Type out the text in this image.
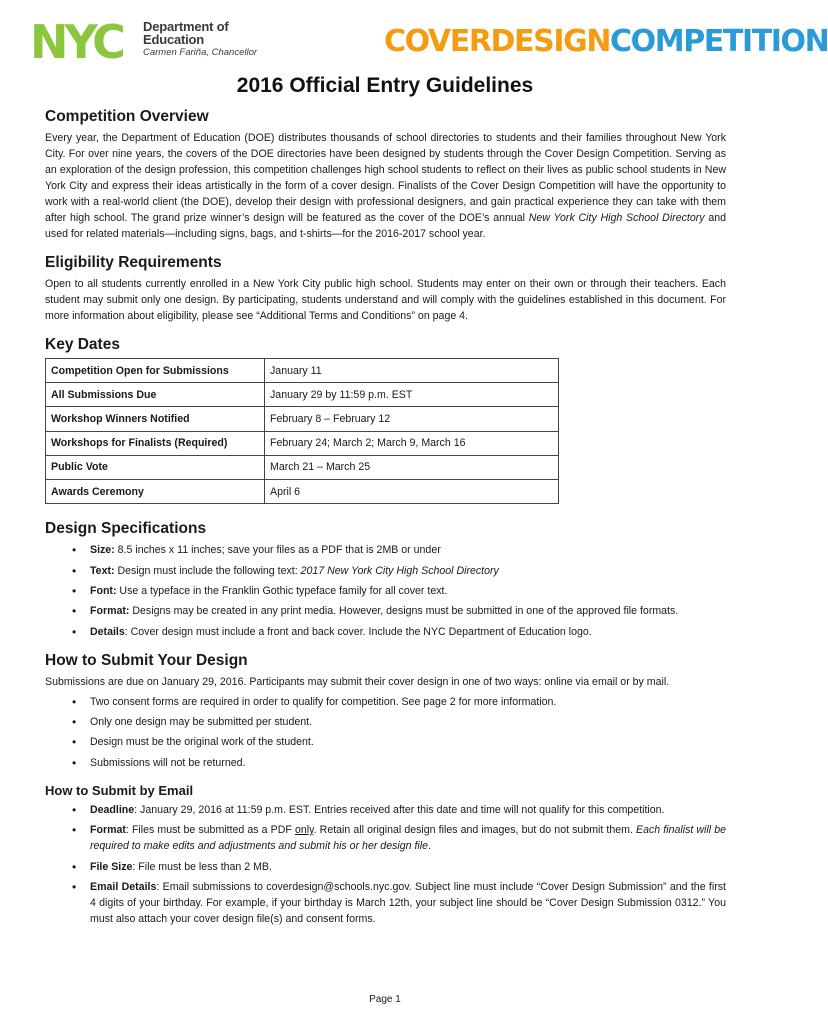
NYC Department of
Education
Carmen Fariña, Chancellor	COVERDESIGNCOMPETITION
2016 Official Entry Guidelines
Competition Overview

Every year, the Department of Education (DOE) distributes thousands of school directories to students and their families throughout New York City. For over nine years, the covers of the DOE directories have been designed by students through the Cover Design Competition. Serving as an exploration of the design profession, this competition challenges high school students to reflect on their lives as public school students in New York City and express their ideas artistically in the form of a cover design. Finalists of the Cover Design Competition will have the opportunity to work with a real-world client (the DOE), develop their design with professional designers, and gain practical experience they can take with them after high school. The grand prize winner’s design will be featured as the cover of the DOE’s annual New York City High School Directory and used for related materials—including signs, bags, and t-shirts—for the 2016-2017 school year.

Eligibility Requirements

Open to all students currently enrolled in a New York City public high school. Students may enter on their own or through their teachers. Each student may submit only one design. By participating, students understand and will comply with the guidelines established in this document. For more information about eligibility, please see “Additional Terms and Conditions” on page 4.

Key Dates
Competition Open for Submissions	January 11
All Submissions Due	January 29 by 11:59 p.m. EST
Workshop Winners Notified	February 8 – February 12
Workshops for Finalists (Required)	February 24; March 2; March 9, March 16
Public Vote	March 21 – March 25
Awards Ceremony	April 6
Design Specifications
• Size: 8.5 inches x 11 inches; save your files as a PDF that is 2MB or under
• Text: Design must include the following text: 2017 New York City High School Directory
• Font: Use a typeface in the Franklin Gothic typeface family for all cover text.
• Format: Designs may be created in any print media. However, designs must be submitted in one of the approved file formats.
• Details: Cover design must include a front and back cover. Include the NYC Department of Education logo.
How to Submit Your Design

Submissions are due on January 29, 2016. Participants may submit their cover design in one of two ways: online via email or by mail.

• Two consent forms are required in order to qualify for competition. See page 2 for more information.
• Only one design may be submitted per student.
• Design must be the original work of the student.
• Submissions will not be returned.
How to Submit by Email
• Deadline: January 29, 2016 at 11:59 p.m. EST. Entries received after this date and time will not qualify for this competition.
• Format: Files must be submitted as a PDF only. Retain all original design files and images, but do not submit them. Each finalist will be required to make edits and adjustments and submit his or her design file.
• File Size: File must be less than 2 MB.
• Email Details: Email submissions to coverdesign@schools.nyc.gov. Subject line must include “Cover Design Submission” and the first 4 digits of your birthday. For example, if your birthday is March 12th, your subject line should be “Cover Design Submission 0312.” You must also attach your cover design file(s) and consent forms.
Page 1
